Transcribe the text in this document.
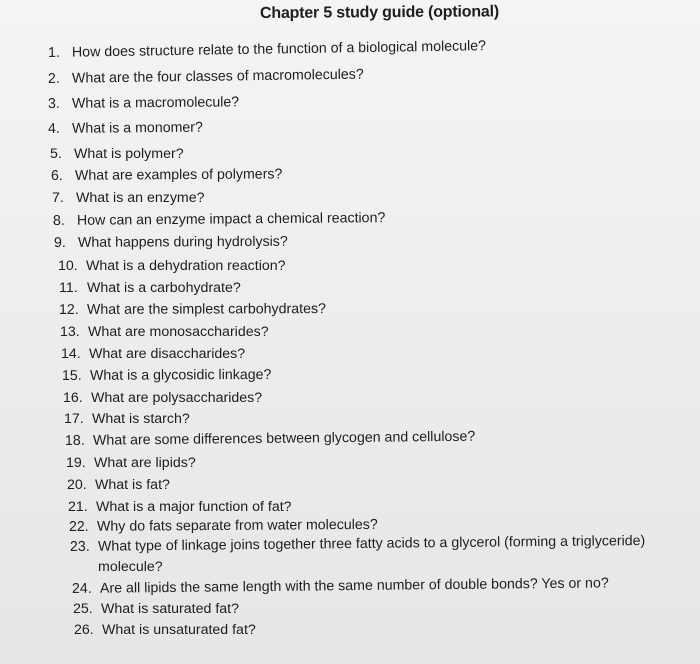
Chapter 5 study guide (optional)
1. How does structure relate to the function of a biological molecule?
2. What are the four classes of macromolecules?
3. What is a macromolecule?
4. What is a monomer?
5. What is polymer?
6. What are examples of polymers?
7. What is an enzyme?
8. How can an enzyme impact a chemical reaction?
9. What happens during hydrolysis?
10. What is a dehydration reaction?
11. What is a carbohydrate?
12. What are the simplest carbohydrates?
13. What are monosaccharides?
14. What are disaccharides?
15. What is a glycosidic linkage?
16. What are polysaccharides?
17. What is starch?
18. What are some differences between glycogen and cellulose?
19. What are lipids?
20. What is fat?
21. What is a major function of fat?
22. Why do fats separate from water molecules?
23. What type of linkage joins together three fatty acids to a glycerol (forming a triglyceride)
molecule?
24. Are all lipids the same length with the same number of double bonds? Yes or no?
25. What is saturated fat?
26. What is unsaturated fat?
